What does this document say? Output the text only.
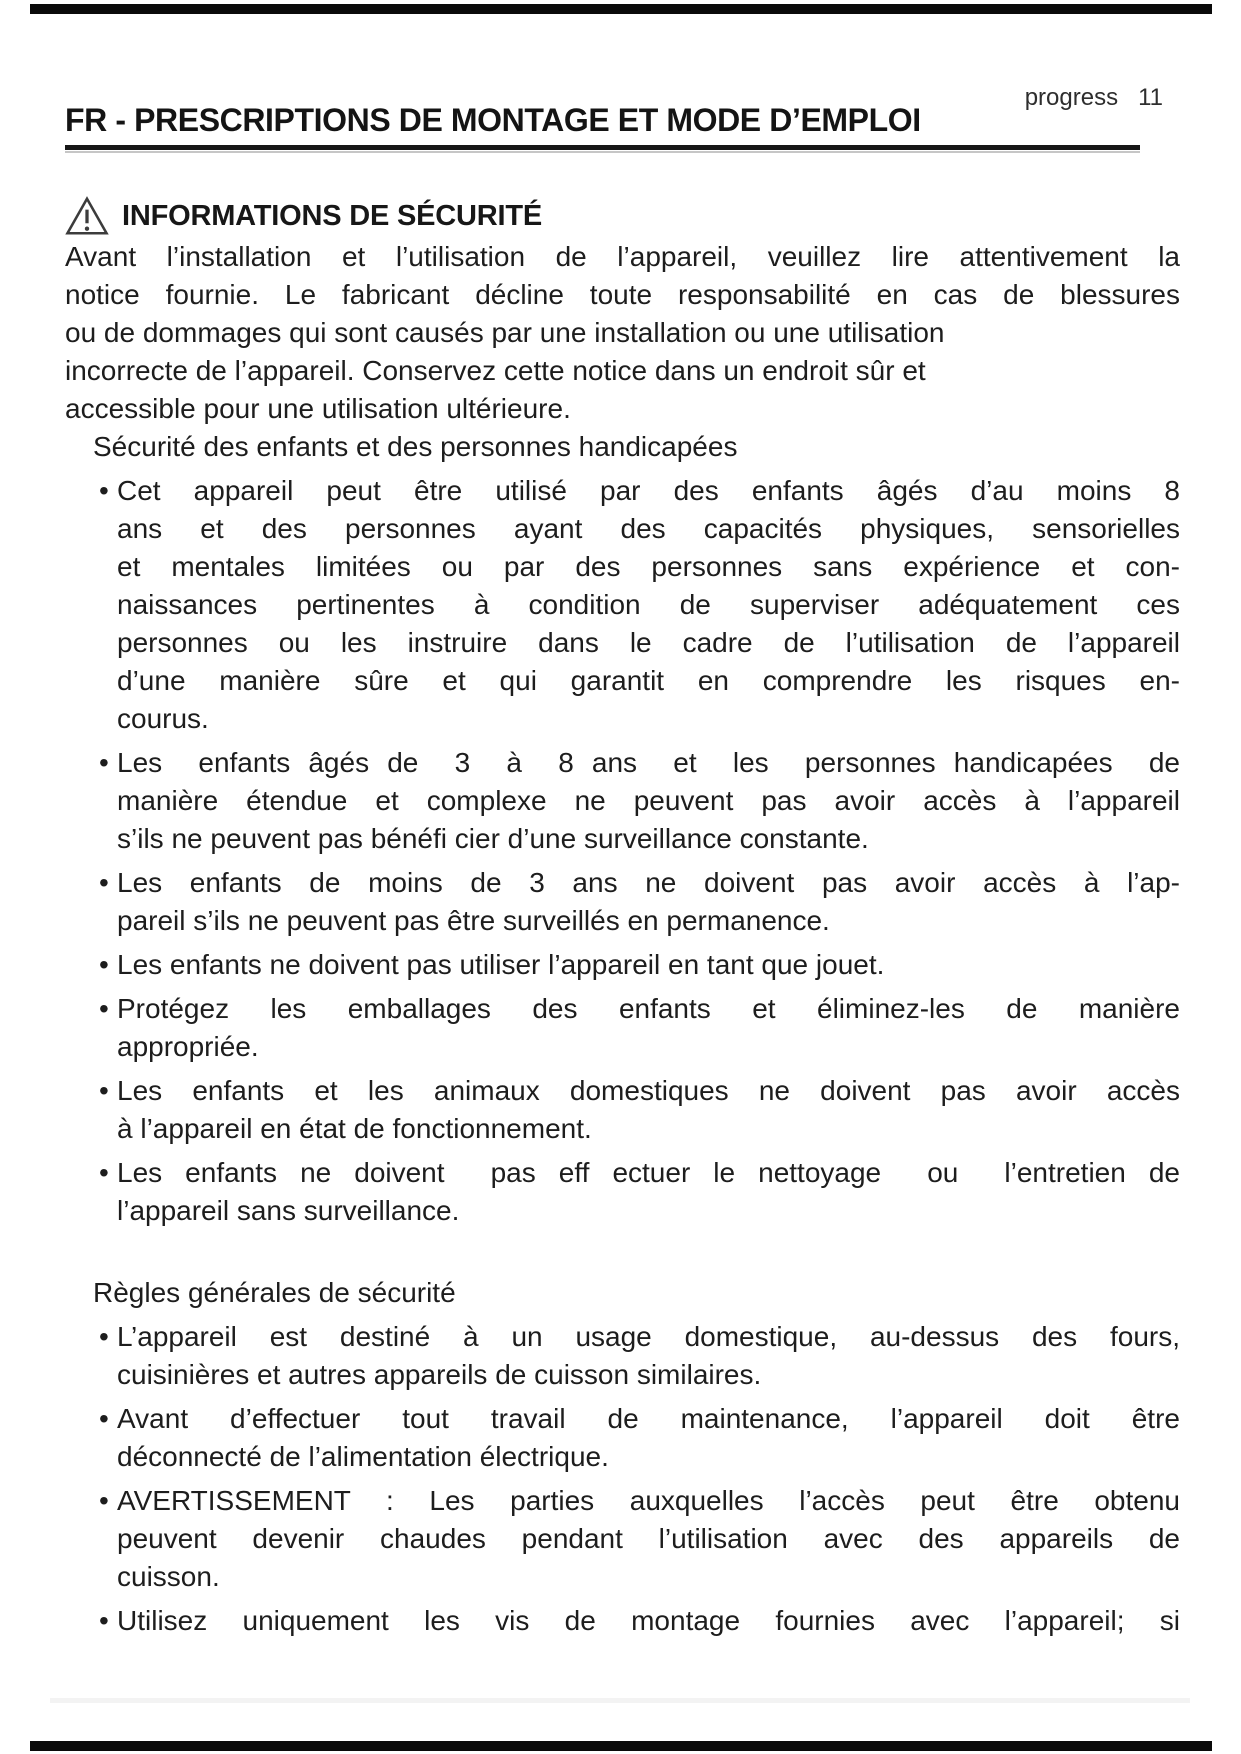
progress 11
FR - PRESCRIPTIONS DE MONTAGE ET MODE D’EMPLOI
INFORMATIONS DE SÉCURITÉ
Avant l’installation et l’utilisation de l’appareil, veuillez lire attentivement la
notice fournie. Le fabricant décline toute responsabilité en cas de blessures
ou de dommages qui sont causés par une installation ou une utilisation
incorrecte de l’appareil. Conservez cette notice dans un endroit sûr et
accessible pour une utilisation ultérieure.
Sécurité des enfants et des personnes handicapées
• Cet appareil peut être utilisé par des enfants âgés d’au moins 8
ans et des personnes ayant des capacités physiques, sensorielles
et mentales limitées ou par des personnes sans expérience et con-
naissances pertinentes à condition de superviser adéquatement ces
personnes ou les instruire dans le cadre de l’utilisation de l’appareil
d’une manière sûre et qui garantit en comprendre les risques en-
courus.
• Les  enfants âgés de  3  à  8 ans  et  les  personnes handicapées  de
manière étendue et complexe ne peuvent pas avoir accès à l’appareil
s’ils ne peuvent pas bénéfi cier d’une surveillance constante.
• Les enfants de moins de 3 ans ne doivent pas avoir accès à l’ap-
pareil s’ils ne peuvent pas être surveillés en permanence.
• Les enfants ne doivent pas utiliser l’appareil en tant que jouet.
• Protégez les emballages des enfants et éliminez-les de manière
appropriée.
• Les enfants et les animaux domestiques ne doivent pas avoir accès
à l’appareil en état de fonctionnement.
• Les enfants ne doivent  pas eff ectuer le nettoyage  ou  l’entretien de
l’appareil sans surveillance.
Règles générales de sécurité
• L’appareil est destiné à un usage domestique, au-dessus des fours,
cuisinières et autres appareils de cuisson similaires.
• Avant d’effectuer tout travail de maintenance, l’appareil doit être
déconnecté de l’alimentation électrique.
• AVERTISSEMENT : Les parties auxquelles l’accès peut être obtenu
peuvent devenir chaudes pendant l’utilisation avec des appareils de
cuisson.
• Utilisez uniquement les vis de montage fournies avec l’appareil; si
